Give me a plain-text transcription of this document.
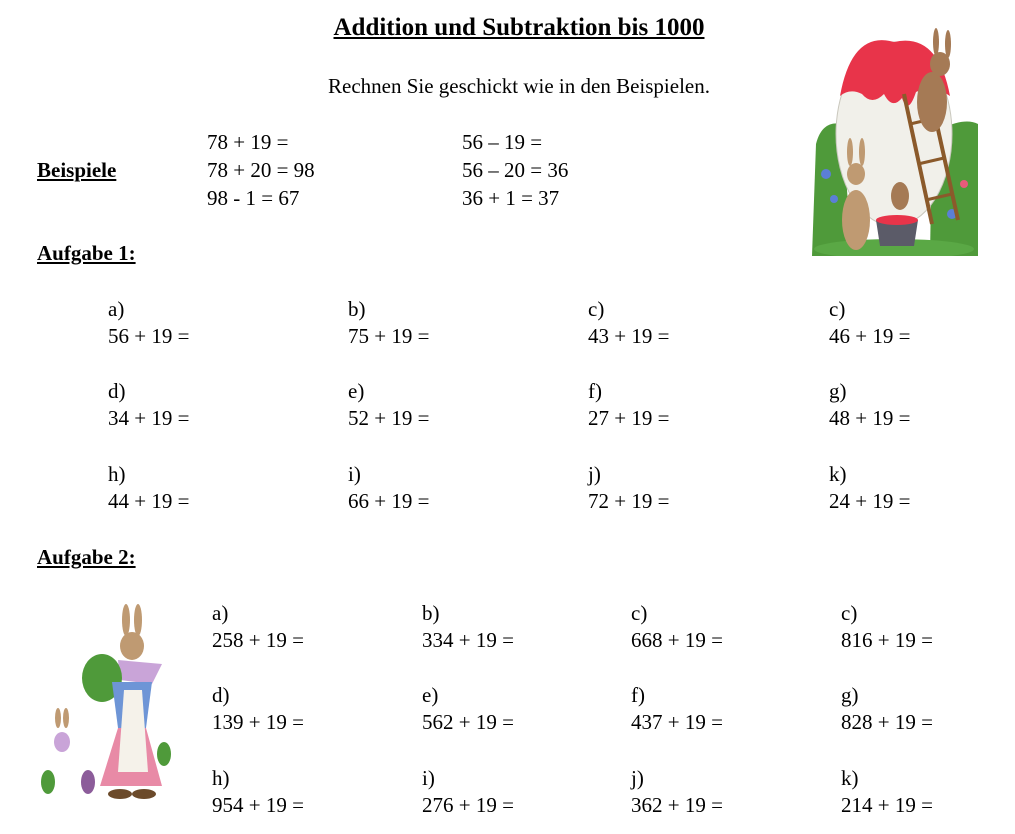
Addition und Subtraktion bis 1000
Rechnen Sie geschickt wie in den Beispielen.
Beispiele
78 + 19 =
78 + 20 = 98
98 - 1 = 67
56 – 19 =
56 – 20 = 36
36 + 1 = 37
Aufgabe 1:
a)
56 + 19 =
b)
75 + 19 =
c)
43 + 19 =
c)
46 + 19 =
d)
34 + 19 =
e)
52 + 19 =
f)
27 + 19 =
g)
48 + 19 =
h)
44 + 19 =
i)
66 + 19 =
j)
72 + 19 =
k)
24 + 19 =
Aufgabe 2:
a)
258 + 19 =
b)
334 + 19 =
c)
668 + 19 =
c)
816 + 19 =
d)
139 + 19 =
e)
562 + 19 =
f)
437 + 19 =
g)
828 + 19 =
h)
954 + 19 =
i)
276 + 19 =
j)
362 + 19 =
k)
214 + 19 =
